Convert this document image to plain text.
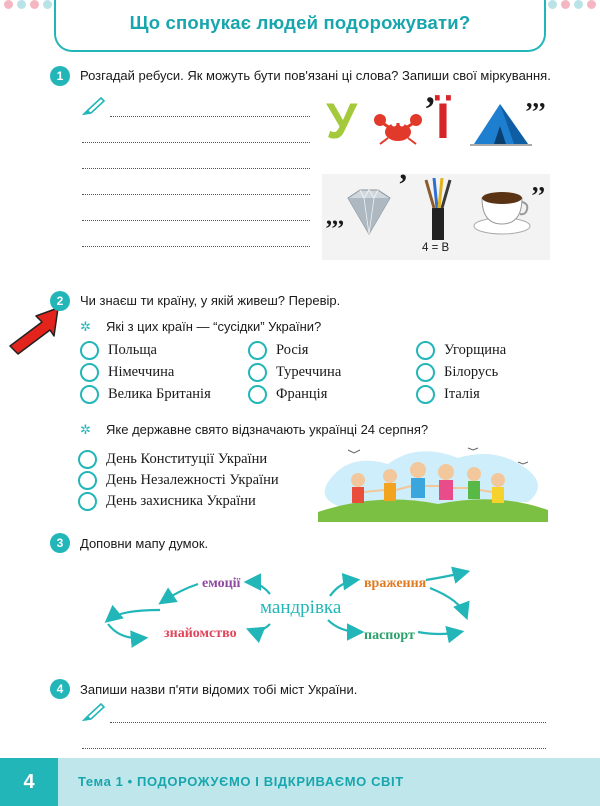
Що спонукає людей подорожувати?
1	Розгадай ребуси. Як можуть бути пов'язані ці слова? Запиши свої міркування.
У ’ Ї	,,,
,,,
’
4 = В
,,
2	Чи знаєш ти країну, у якій живеш? Перевір.
✲ Які з цих країн — “сусідки” України?
Польща	Росія	Угорщина
Німеччина	Туреччина	Білорусь
Велика Британія	Франція	Італія
✲ Яке державне свято відзначають українці 24 серпня?
День Конституції України
День Незалежності України
День захисника України
3	Доповни мапу думок.
емоції	враження
мандрівка
знайомство	паспорт
4	Запиши назви п'яти відомих тобі міст України.
4	Тема 1 • ПОДОРОЖУЄМО І ВІДКРИВАЄМО СВІТ
